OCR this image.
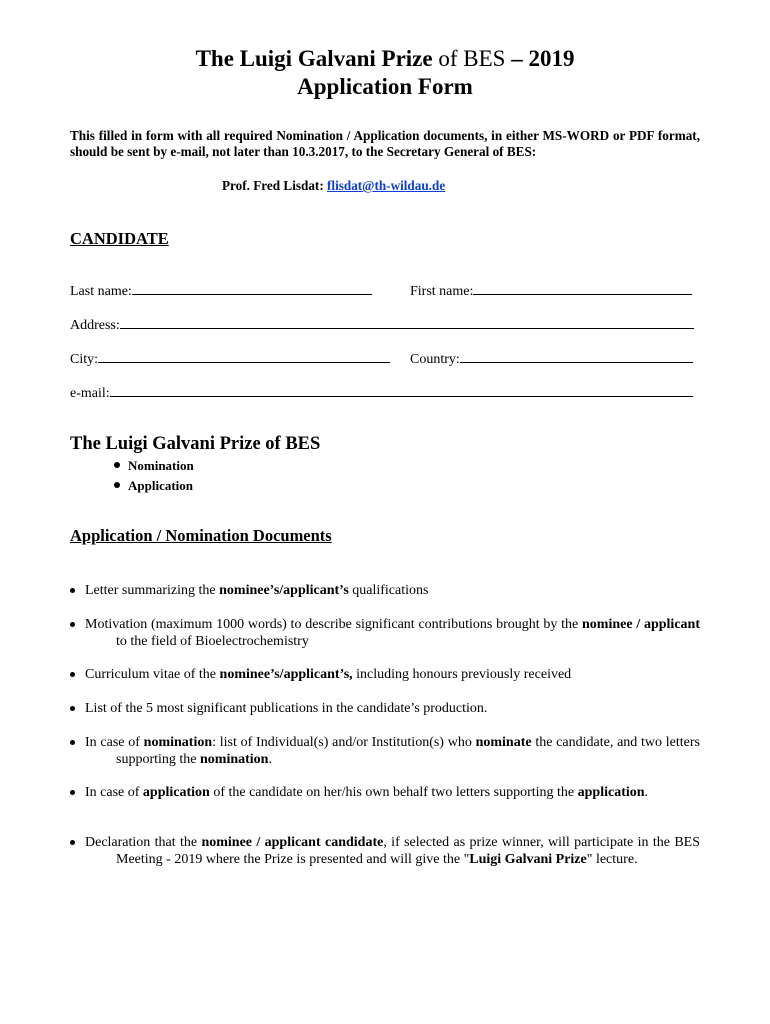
The Luigi Galvani Prize of BES – 2019
Application Form
This filled in form with all required Nomination / Application documents, in either MS-WORD or PDF format, should be sent by e-mail, not later than 10.3.2017, to the Secretary General of BES:
Prof. Fred Lisdat: flisdat@th-wildau.de
CANDIDATE
Last name:	First name:
Address:
City:	Country:
e-mail:
The Luigi Galvani Prize of BES
Nomination
Application
Application / Nomination Documents
Letter summarizing the nominee’s/applicant’s qualifications
Motivation (maximum 1000 words) to describe significant contributions brought by the nominee / applicant to the field of Bioelectrochemistry
Curriculum vitae of the nominee’s/applicant’s, including honours previously received
List of the 5 most significant publications in the candidate’s production.
In case of nomination: list of Individual(s) and/or Institution(s) who nominate the candidate, and two letters supporting the nomination.
In case of application of the candidate on her/his own behalf two letters supporting the application.
Declaration that the nominee / applicant candidate, if selected as prize winner, will participate in the BES Meeting - 2019 where the Prize is presented and will give the "Luigi Galvani Prize" lecture.
